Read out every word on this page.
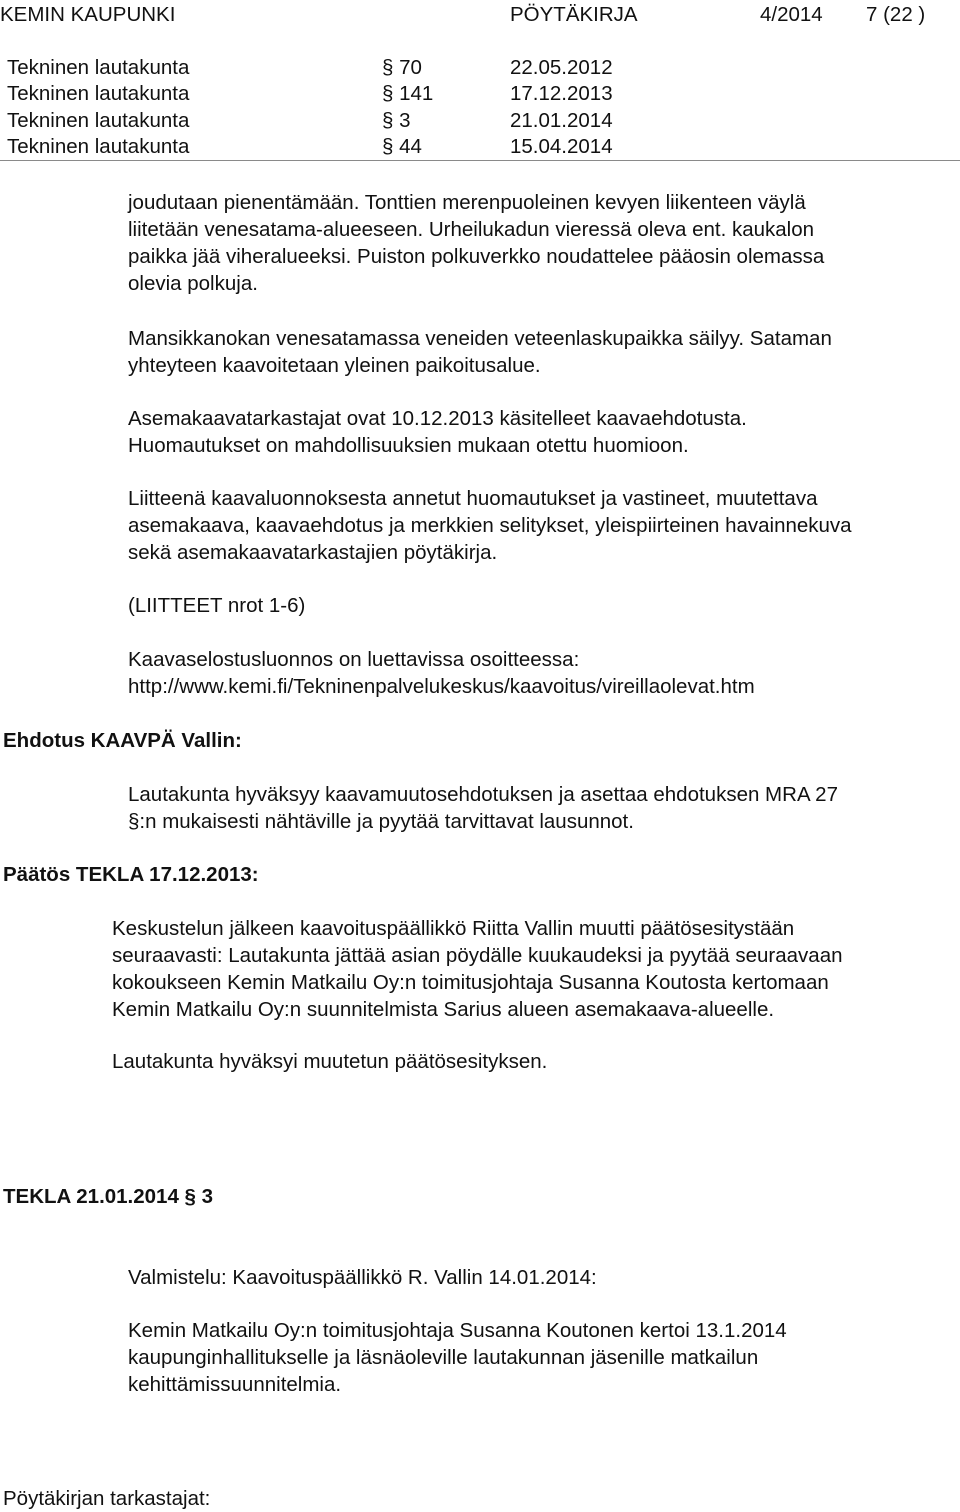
KEMIN KAUPUNKI	PÖYTÄKIRJA	4/2014 7 (22 )
Tekninen lautakunta	§ 70	22.05.2012
Tekninen lautakunta	§ 141	17.12.2013
Tekninen lautakunta	§ 3	21.01.2014
Tekninen lautakunta	§ 44	15.04.2014
joudutaan pienentämään. Tonttien merenpuoleinen kevyen liikenteen väylä
liitetään venesatama-alueeseen. Urheilukadun vieressä oleva ent. kaukalon
paikka jää viheralueeksi. Puiston polkuverkko noudattelee pääosin olemassa
olevia polkuja.
Mansikkanokan venesatamassa veneiden veteenlaskupaikka säilyy. Sataman
yhteyteen kaavoitetaan yleinen paikoitusalue.
Asemakaavatarkastajat ovat 10.12.2013 käsitelleet kaavaehdotusta.
Huomautukset on mahdollisuuksien mukaan otettu huomioon.
Liitteenä kaavaluonnoksesta annetut huomautukset ja vastineet, muutettava
asemakaava, kaavaehdotus ja merkkien selitykset, yleispiirteinen havainnekuva
sekä asemakaavatarkastajien pöytäkirja.
(LIITTEET nrot 1-6)
Kaavaselostusluonnos on luettavissa osoitteessa:
http://www.kemi.fi/Tekninenpalvelukeskus/kaavoitus/vireillaolevat.htm
Ehdotus KAAVPÄ Vallin:
Lautakunta hyväksyy kaavamuutosehdotuksen ja asettaa ehdotuksen MRA 27
§:n mukaisesti nähtäville ja pyytää tarvittavat lausunnot.
Päätös TEKLA 17.12.2013:
Keskustelun jälkeen kaavoituspäällikkö Riitta Vallin muutti päätösesitystään
seuraavasti: Lautakunta jättää asian pöydälle kuukaudeksi ja pyytää seuraavaan
kokoukseen Kemin Matkailu Oy:n toimitusjohtaja Susanna Koutosta kertomaan
Kemin Matkailu Oy:n suunnitelmista Sarius alueen asemakaava-alueelle.
Lautakunta hyväksyi muutetun päätösesityksen.
TEKLA 21.01.2014 § 3
Valmistelu: Kaavoituspäällikkö R. Vallin 14.01.2014:
Kemin Matkailu Oy:n toimitusjohtaja Susanna Koutonen kertoi 13.1.2014
kaupunginhallitukselle ja läsnäoleville lautakunnan jäsenille matkailun
kehittämissuunnitelmia.
Pöytäkirjan tarkastajat:
